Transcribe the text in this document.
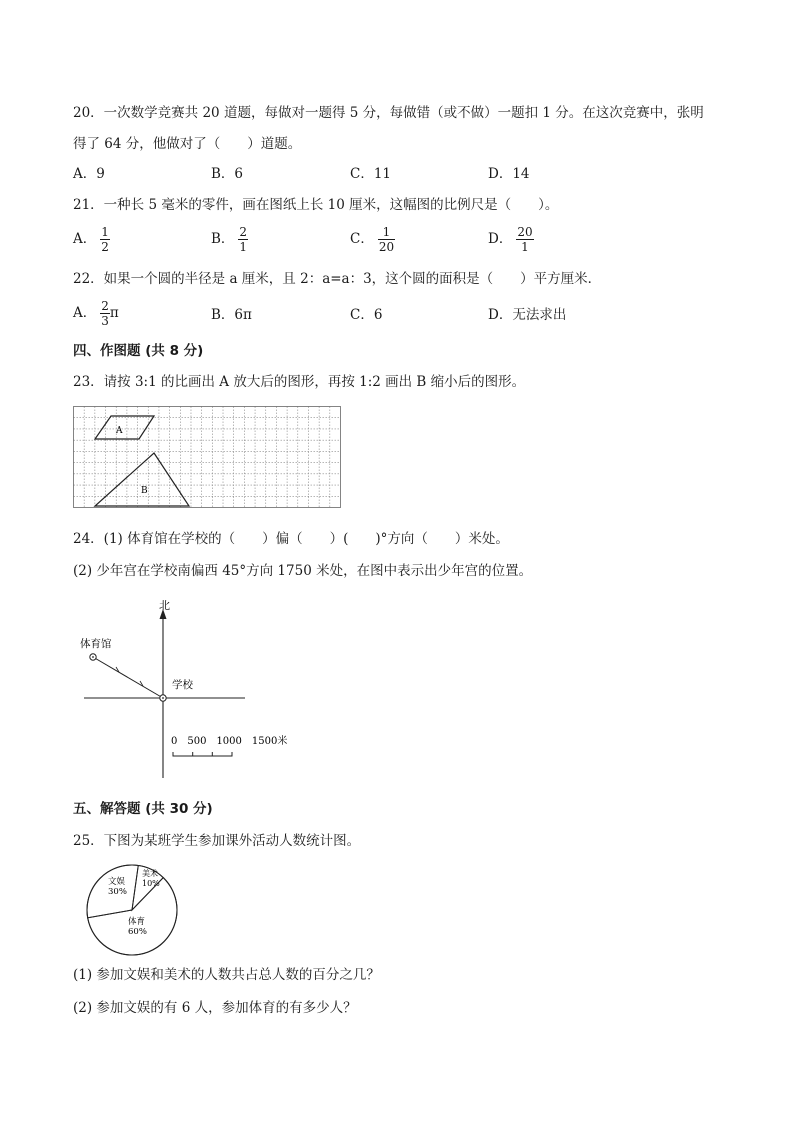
20．一次数学竞赛共 20 道题，每做对一题得 5 分，每做错（或不做）一题扣 1 分。在这次竞赛中，张明
得了 64 分，他做对了（　　）道题。
A．9	B．6	C．11	D．14
21．一种长 5 毫米的零件，画在图纸上长 10 厘米，这幅图的比例尺是（　　）。
A． $\frac{1}{2}$	B． $\frac{2}{1}$	C． $\frac{1}{20}$	D． $\frac{20}{1}$
22．如果一个圆的半径是 a 厘米，且 2：a=a：3，这个圆的面积是（　　）平方厘米．
A． $\frac{2}{3}$ π	B．6π	C．6	D．无法求出
四、作图题 (共 8 分)
23．请按 3:1 的比画出 A 放大后的图形，再按 1:2 画出 B 缩小后的图形。
A
B
24．(1) 体育馆在学校的（　　）偏（　　）(　　)°方向（　　）米处。
(2) 少年宫在学校南偏西 45°方向 1750 米处，在图中表示出少年宫的位置。
北
体育馆
学校
0　500　1000　1500米
五、解答题 (共 30 分)
25．下图为某班学生参加课外活动人数统计图。
文娱
30%
美术
10%
体育
60%
(1) 参加文娱和美术的人数共占总人数的百分之几？
(2) 参加文娱的有 6 人，参加体育的有多少人？
